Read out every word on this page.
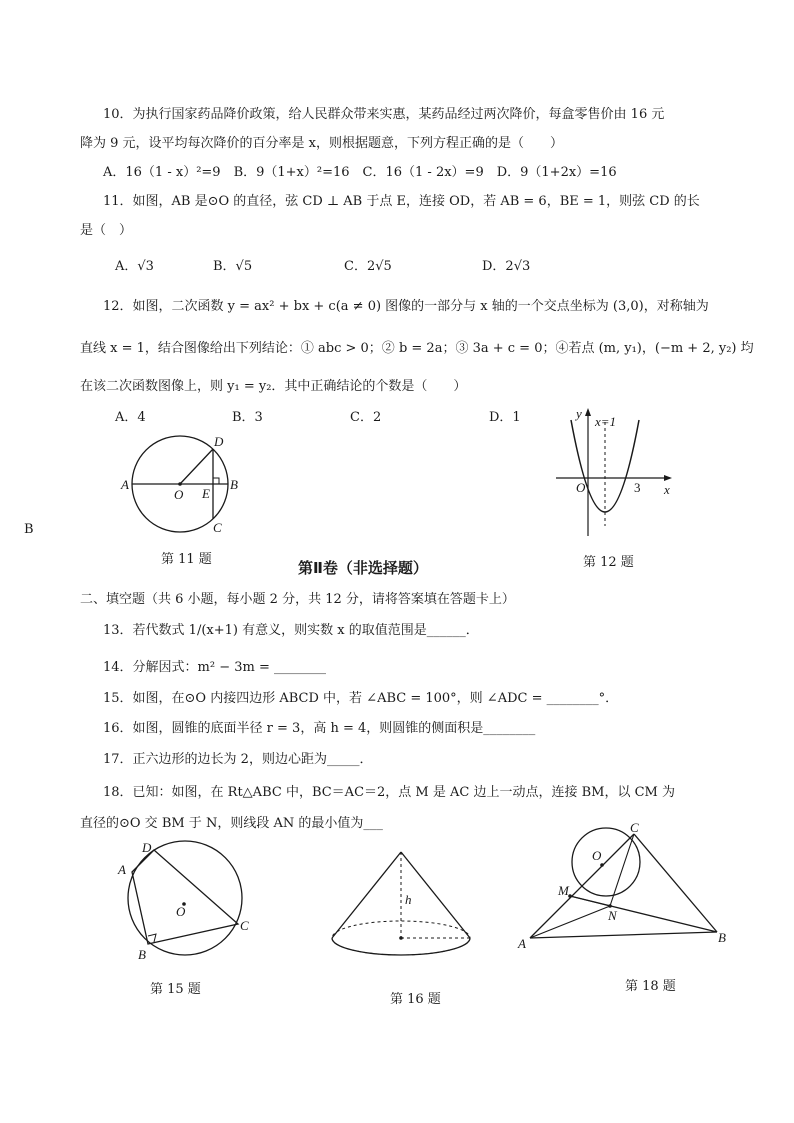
10．为执行国家药品降价政策，给人民群众带来实惠，某药品经过两次降价，每盒零售价由 16 元
降为 9 元，设平均每次降价的百分率是 x，则根据题意，下列方程正确的是（　　）
A．16（1 - x）²=9　B．9（1+x）²=16　C．16（1 - 2x）=9　D．9（1+2x）=16
11．如图，AB 是⊙O 的直径，弦 CD ⊥ AB 于点 E，连接 OD，若 AB = 6，BE = 1，则弦 CD 的长
是（　）
A．√3	B．√5	C．2√5	D．2√3
12．如图，二次函数 y = ax² + bx + c(a ≠ 0) 图像的一部分与 x 轴的一个交点坐标为 (3,0)，对称轴为
直线 x = 1，结合图像给出下列结论：① abc > 0；② b = 2a；③ 3a + c = 0；④若点 (m, y₁)，(−m + 2, y₂) 均
在该二次函数图像上，则 y₁ = y₂．其中正确结论的个数是（　　）
A．4	B．3	C．2	D．1
B
A	B
D
C
O E
第 11 题
y
x
O	3
x=1
第 12 题
第Ⅱ卷（非选择题）
二、填空题（共 6 小题，每小题 2 分，共 12 分，请将答案填在答题卡上）
13．若代数式 1/(x+1) 有意义，则实数 x 的取值范围是______．
14．分解因式：m² − 3m = ________
15．如图，在⊙O 内接四边形 ABCD 中，若 ∠ABC = 100°，则 ∠ADC = ________°．
16．如图，圆锥的底面半径 r = 3，高 h = 4，则圆锥的侧面积是________
17．正六边形的边长为 2，则边心距为_____．
18．已知：如图，在 Rt△ABC 中，BC＝AC＝2，点 M 是 AC 边上一动点，连接 BM，以 CM 为
直径的⊙O 交 BM 于 N，则线段 AN 的最小值为___
D
A
B
C
O
第 15 题
h
第 16 题
C
O
M
N
A	B
第 18 题
